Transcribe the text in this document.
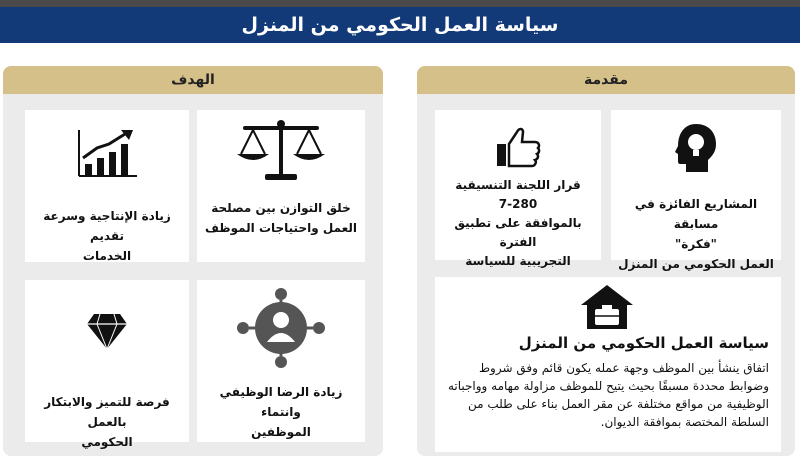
سياسة العمل الحكومي من المنزل
الهدف
خلق التوازن بين مصلحة
العمل واحتياجات الموظف
زيادة الإنتاجية وسرعة تقديم
الخدمات
زيادة الرضا الوظيفي وانتماء
الموظفين
فرصة للتميز والابتكار بالعمل
الحكومي
مقدمة
المشاريع الفائزة في مسابقة
"فكرة"
العمل الحكومي من المنزل
قرار اللجنة التنسيقية
7-280
بالموافقة على تطبيق الفترة
التجريبية للسياسة
سياسة العمل الحكومي من المنزل
اتفاق ينشأ بين الموظف وجهة عمله يكون قائم وفق شروط وضوابط محددة مسبقًا بحيث يتيح للموظف مزاولة مهامه وواجباته الوظيفية من مواقع مختلفة عن مقر العمل بناء على طلب من السلطة المختصة بموافقة الديوان.
